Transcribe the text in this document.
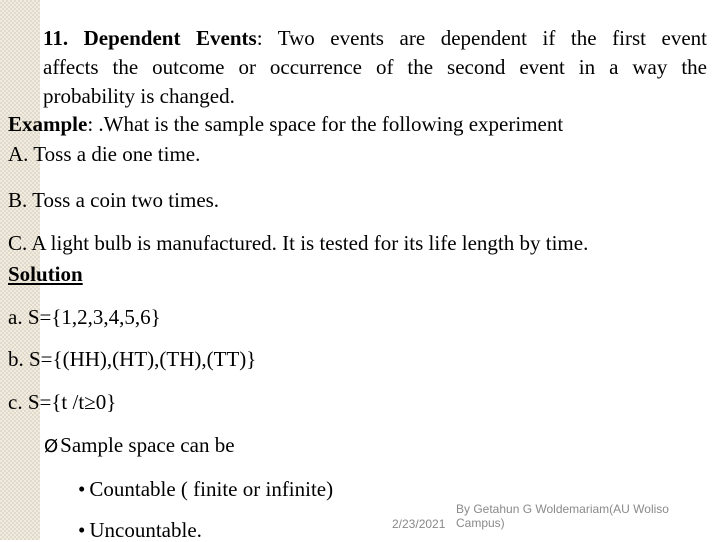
11. Dependent Events: Two events are dependent if the first event
affects the outcome or occurrence of the second event in a way the
probability is changed.
Example: .What is the sample space for the following experiment
A. Toss a die one time.
B. Toss a coin two times.
C. A light bulb is manufactured. It is tested for its life length by time.
Solution
a. S={1,2,3,4,5,6}
b. S={(HH),(HT),(TH),(TT)}
c. S={t /t≥0}
ØSample space can be
• Countable ( finite or infinite)
• Uncountable.	2/23/2021
By Getahun G Woldemariam(AU Woliso
Campus)
